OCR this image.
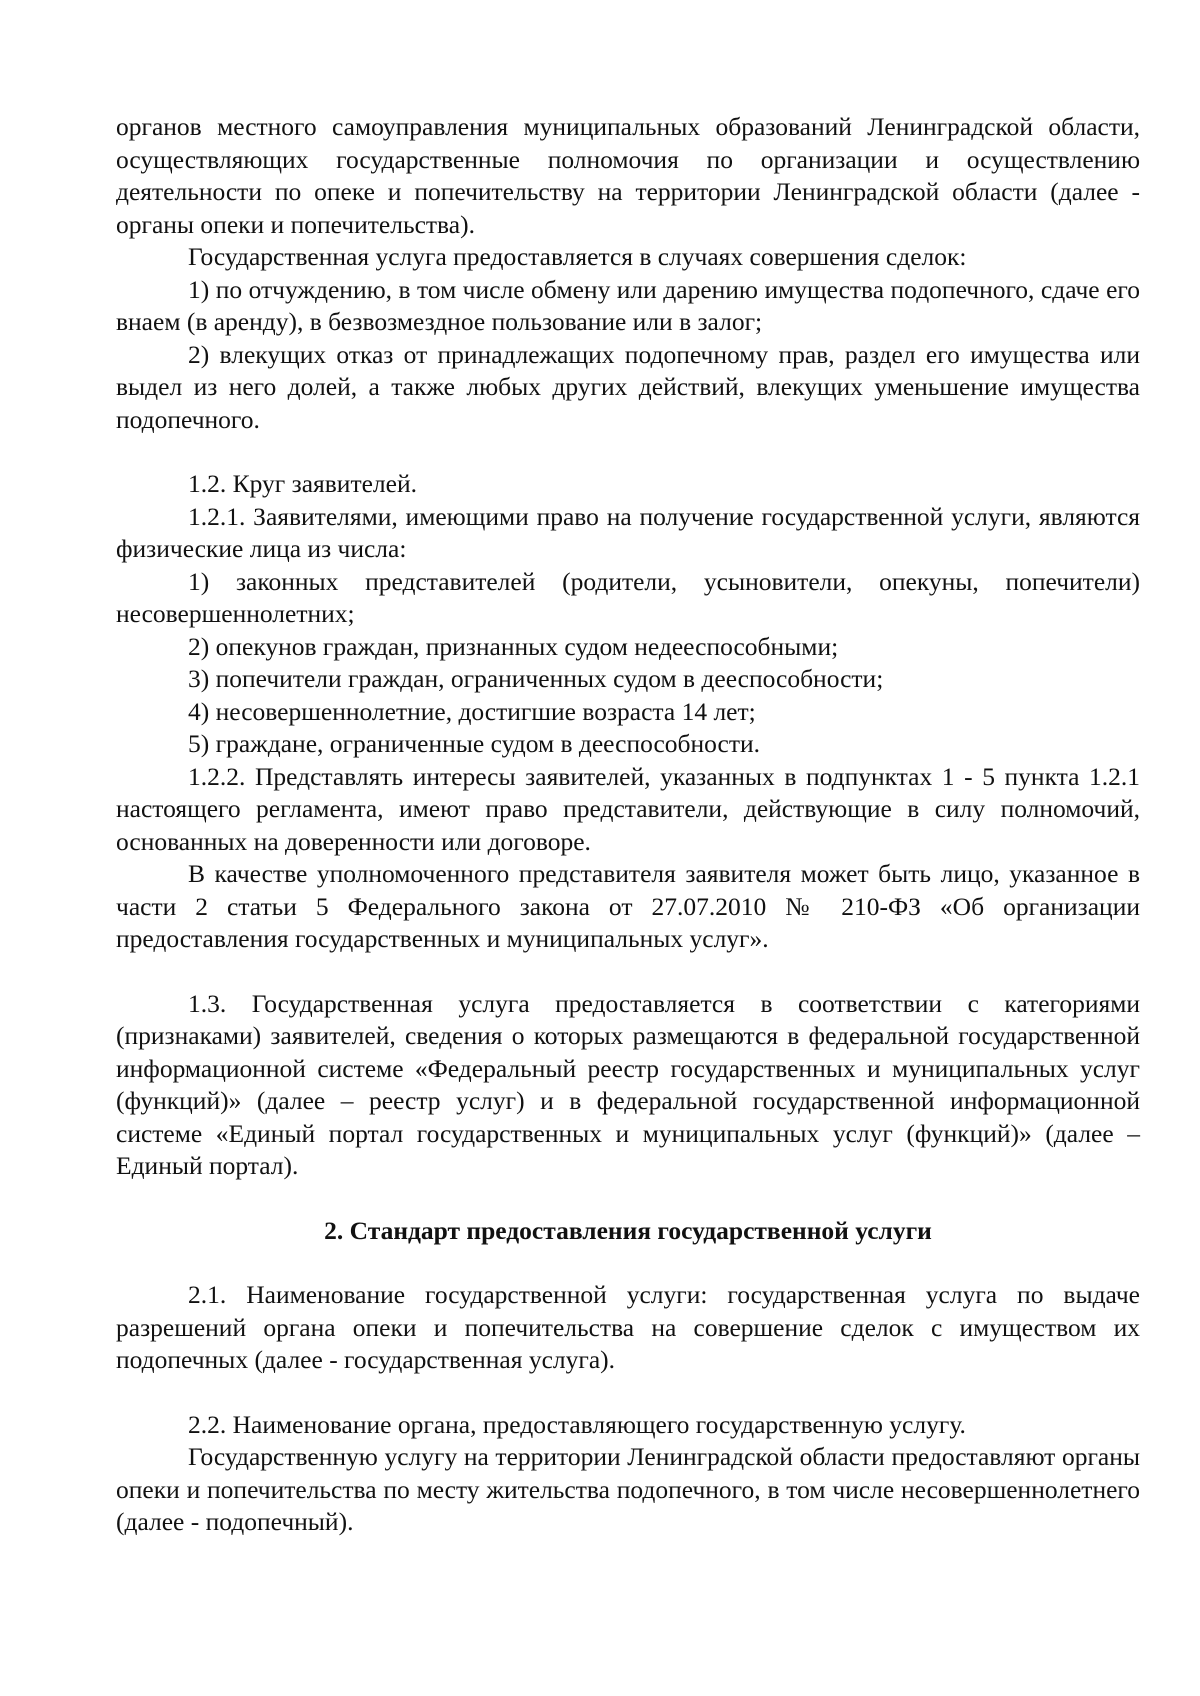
органов местного самоуправления муниципальных образований Ленинградской области, осуществляющих государственные полномочия по организации и осуществлению деятельности по опеке и попечительству на территории Ленинградской области (далее - органы опеки и попечительства).

Государственная услуга предоставляется в случаях совершения сделок:

1) по отчуждению, в том числе обмену или дарению имущества подопечного, сдаче его внаем (в аренду), в безвозмездное пользование или в залог;

2) влекущих отказ от принадлежащих подопечному прав, раздел его имущества или выдел из него долей, а также любых других действий, влекущих уменьшение имущества подопечного.

1.2. Круг заявителей.

1.2.1. Заявителями, имеющими право на получение государственной услуги, являются физические лица из числа:

1) законных представителей (родители, усыновители, опекуны, попечители) несовершеннолетних;

2) опекунов граждан, признанных судом недееспособными;

3) попечители граждан, ограниченных судом в дееспособности;

4) несовершеннолетние, достигшие возраста 14 лет;

5) граждане, ограниченные судом в дееспособности.

1.2.2. Представлять интересы заявителей, указанных в подпунктах 1 - 5 пункта 1.2.1 настоящего регламента, имеют право представители, действующие в силу полномочий, основанных на доверенности или договоре.

В качестве уполномоченного представителя заявителя может быть лицо, указанное в части 2 статьи 5 Федерального закона от 27.07.2010 № 210-ФЗ «Об организации предоставления государственных и муниципальных услуг».

1.3. Государственная услуга предоставляется в соответствии с категориями (признаками) заявителей, сведения о которых размещаются в федеральной государственной информационной системе «Федеральный реестр государственных и муниципальных услуг (функций)» (далее – реестр услуг) и в федеральной государственной информационной системе «Единый портал государственных и муниципальных услуг (функций)» (далее – Единый портал).

2. Стандарт предоставления государственной услуги

2.1. Наименование государственной услуги: государственная услуга по выдаче разрешений органа опеки и попечительства на совершение сделок с имуществом их подопечных (далее - государственная услуга).

2.2. Наименование органа, предоставляющего государственную услугу.

Государственную услугу на территории Ленинградской области предоставляют органы опеки и попечительства по месту жительства подопечного, в том числе несовершеннолетнего (далее - подопечный).
